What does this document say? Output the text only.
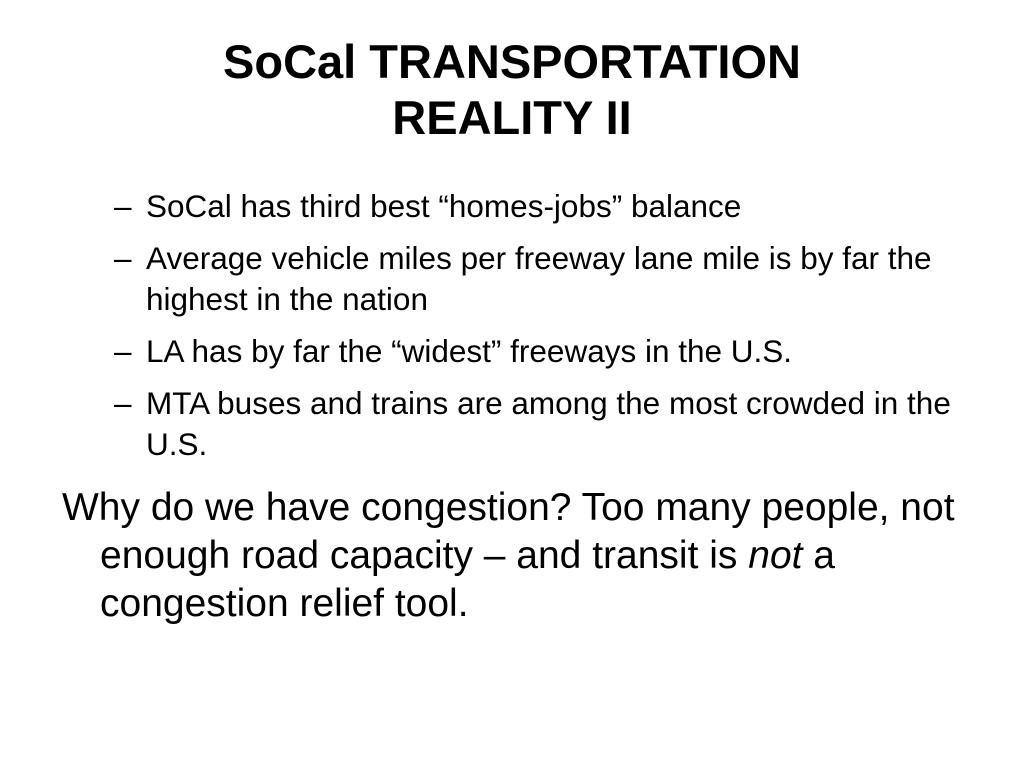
SoCal TRANSPORTATION
REALITY II
– SoCal has third best “homes-jobs” balance
– Average vehicle miles per freeway lane mile is by far the highest in the nation
– LA has by far the “widest” freeways in the U.S.
– MTA buses and trains are among the most crowded in the U.S.

Why do we have congestion? Too many people, not enough road capacity – and transit is not a congestion relief tool.
